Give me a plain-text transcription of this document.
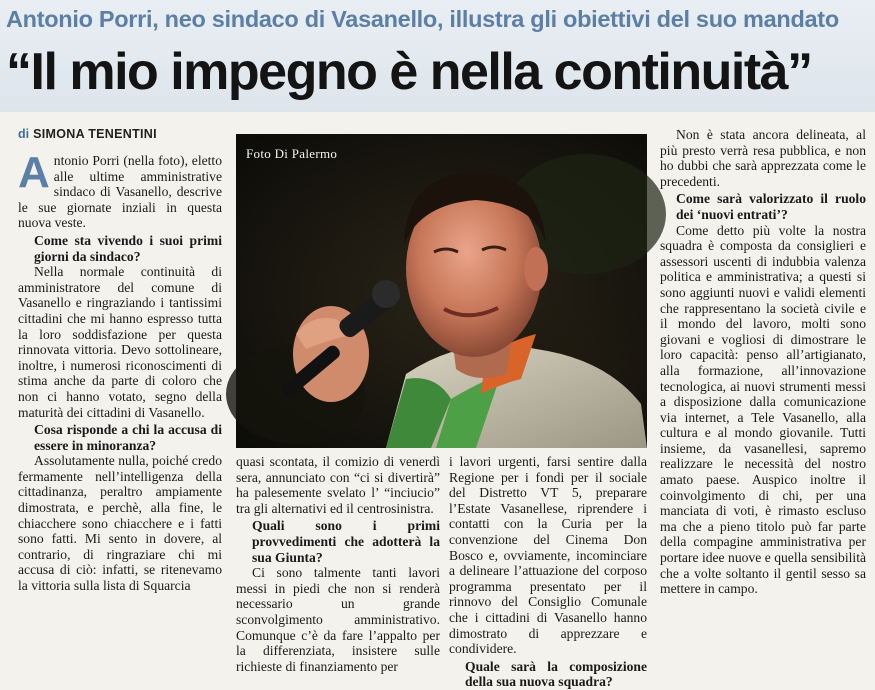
Antonio Porri, neo sindaco di Vasanello, illustra gli obiettivi del suo mandato
“Il mio impegno è nella continuità”
di SIMONA TENENTINI

Antonio Porri (nella foto), eletto alle ultime amministrative sindaco di Vasanello, descrive le sue giornate inziali in questa nuova veste.

Come sta vivendo i suoi primi giorni da sindaco?

Nella normale continuità di amministratore del comune di Vasanello e ringraziando i tantissimi cittadini che mi hanno espresso tutta la loro soddisfazione per questa rinnovata vittoria. Devo sottolineare, inoltre, i numerosi riconoscimenti di stima anche da parte di coloro che non ci hanno votato, segno della maturità dei cittadini di Vasanello.

Cosa risponde a chi la accusa di essere in minoranza?

Assolutamente nulla, poiché credo fermamente nell’intelligenza della cittadinanza, peraltro ampiamente dimostrata, e perchè, alla fine, le chiacchere sono chiacchere e i fatti sono fatti. Mi sento in dovere, al contrario, di ringraziare chi mi accusa di ciò: infatti, se ritenevamo la vittoria sulla lista di Squarcia

Foto Di Palermo

quasi scontata, il comizio di venerdì sera, annunciato con “ci si divertirà” ha palesemente svelato l’ “inciucio” tra gli alternativi ed il centrosinistra.

Quali sono i primi provvedimenti che adotterà la sua Giunta?

Ci sono talmente tanti lavori messi in piedi che non si renderà necessario un grande sconvolgimento amministrativo. Comunque c’è da fare l’appalto per la differenziata, insistere sulle richieste di finanziamento per

i lavori urgenti, farsi sentire dalla Regione per i fondi per il sociale del Distretto VT 5, preparare l’Estate Vasanellese, riprendere i contatti con la Curia per la convenzione del Cinema Don Bosco e, ovviamente, incominciare a delineare l’attuazione del corposo programma presentato per il rinnovo del Consiglio Comunale che i cittadini di Vasanello hanno dimostrato di apprezzare e condividere.

Quale sarà la composizione della sua nuova squadra?

Non è stata ancora delineata, al più presto verrà resa pubblica, e non ho dubbi che sarà apprezzata come le precedenti.

Come sarà valorizzato il ruolo dei ‘nuovi entrati’?

Come detto più volte la nostra squadra è composta da consiglieri e assessori uscenti di indubbia valenza politica e amministrativa; a questi si sono aggiunti nuovi e validi elementi che rappresentano la società civile e il mondo del lavoro, molti sono giovani e vogliosi di dimostrare le loro capacità: penso all’artigianato, alla formazione, all’innovazione tecnologica, ai nuovi strumenti messi a disposizione dalla comunicazione via internet, a Tele Vasanello, alla cultura e al mondo giovanile. Tutti insieme, da vasanellesi, sapremo realizzare le necessità del nostro amato paese. Auspico inoltre il coinvolgimento di chi, per una manciata di voti, è rimasto escluso ma che a pieno titolo può far parte della compagine amministrativa per portare idee nuove e quella sensibilità che a volte soltanto il gentil sesso sa mettere in campo.
